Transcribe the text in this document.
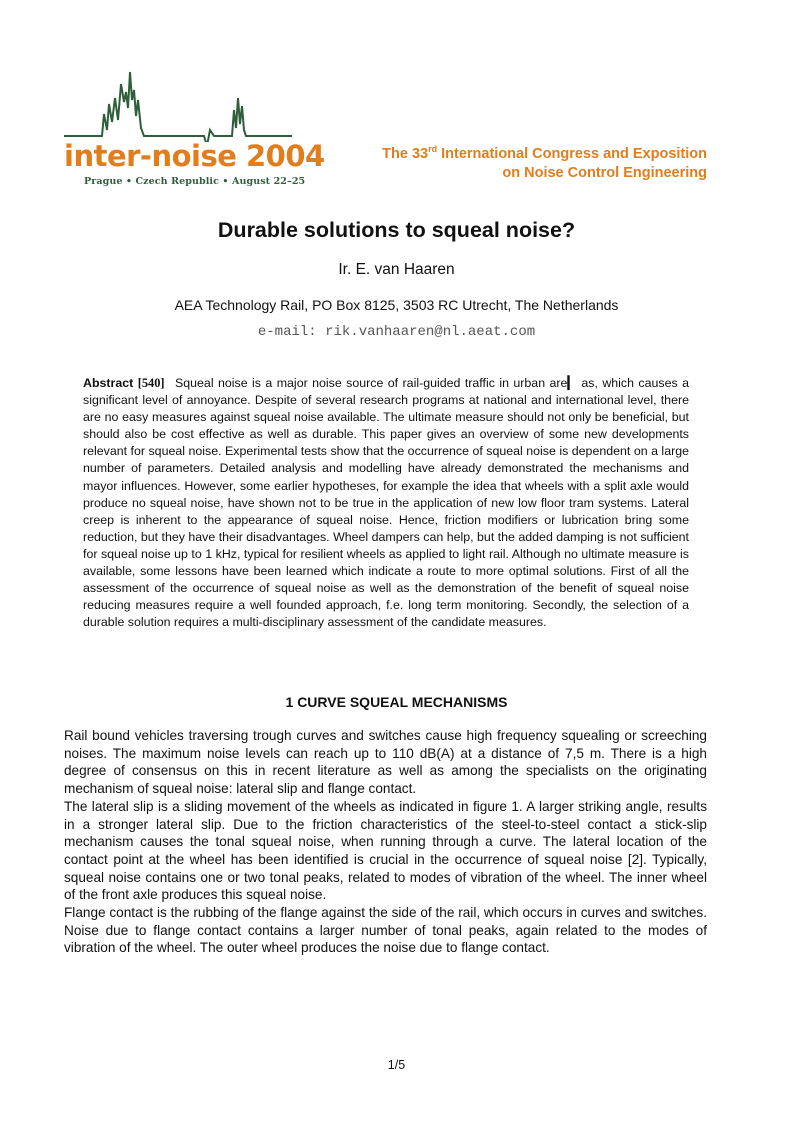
inter-noise 2004
Prague • Czech Republic • August 22–25
The 33rd International Congress and Exposition
on Noise Control Engineering
Durable solutions to squeal noise?
Ir. E. van Haaren
AEA Technology Rail, PO Box 8125, 3503 RC Utrecht, The Netherlands
e-mail: rik.vanhaaren@nl.aeat.com
Abstract [540] Squeal noise is a major noise source of rail-guided traffic in urban are▎ as, which causes a significant level of annoyance. Despite of several research programs at national and international level, there are no easy measures against squeal noise available. The ultimate measure should not only be beneficial, but should also be cost effective as well as durable. This paper gives an overview of some new developments relevant for squeal noise. Experimental tests show that the occurrence of squeal noise is dependent on a large number of parameters. Detailed analysis and modelling have already demonstrated the mechanisms and mayor influences. However, some earlier hypotheses, for example the idea that wheels with a split axle would produce no squeal noise, have shown not to be true in the application of new low floor tram systems. Lateral creep is inherent to the appearance of squeal noise. Hence, friction modifiers or lubrication bring some reduction, but they have their disadvantages. Wheel dampers can help, but the added damping is not sufficient for squeal noise up to 1 kHz, typical for resilient wheels as applied to light rail. Although no ultimate measure is available, some lessons have been learned which indicate a route to more optimal solutions. First of all the assessment of the occurrence of squeal noise as well as the demonstration of the benefit of squeal noise reducing measures require a well founded approach, f.e. long term monitoring. Secondly, the selection of a durable solution requires a multi-disciplinary assessment of the candidate measures.
1 CURVE SQUEAL MECHANISMS

Rail bound vehicles traversing trough curves and switches cause high frequency squealing or screeching noises. The maximum noise levels can reach up to 110 dB(A) at a distance of 7,5 m. There is a high degree of consensus on this in recent literature as well as among the specialists on the originating mechanism of squeal noise: lateral slip and flange contact.

The lateral slip is a sliding movement of the wheels as indicated in figure 1. A larger striking angle, results in a stronger lateral slip. Due to the friction characteristics of the steel-to-steel contact a stick-slip mechanism causes the tonal squeal noise, when running through a curve. The lateral location of the contact point at the wheel has been identified is crucial in the occurrence of squeal noise [2]. Typically, squeal noise contains one or two tonal peaks, related to modes of vibration of the wheel. The inner wheel of the front axle produces this squeal noise.

Flange contact is the rubbing of the flange against the side of the rail, which occurs in curves and switches. Noise due to flange contact contains a larger number of tonal peaks, again related to the modes of vibration of the wheel. The outer wheel produces the noise due to flange contact.

1/5
